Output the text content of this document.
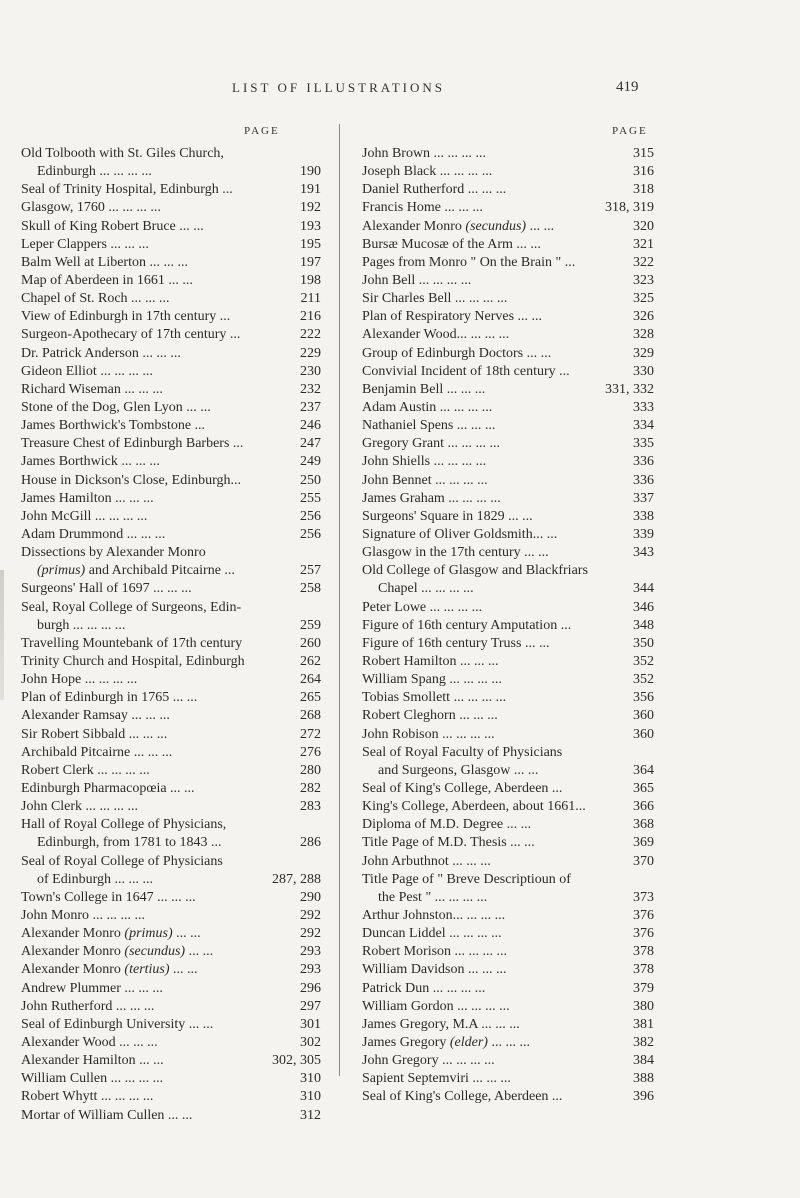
LIST OF ILLUSTRATIONS	419
PAGE	PAGE
Old Tolbooth with St. Giles Church,
Edinburgh ... ... ... ...	190
Seal of Trinity Hospital, Edinburgh ...	191
Glasgow, 1760 ... ... ... ...	192
Skull of King Robert Bruce ... ...	193
Leper Clappers ... ... ...	195
Balm Well at Liberton ... ... ...	197
Map of Aberdeen in 1661 ... ...	198
Chapel of St. Roch ... ... ...	211
View of Edinburgh in 17th century ...	216
Surgeon-Apothecary of 17th century ...	222
Dr. Patrick Anderson ... ... ...	229
Gideon Elliot ... ... ... ...	230
Richard Wiseman ... ... ...	232
Stone of the Dog, Glen Lyon ... ...	237
James Borthwick's Tombstone ...	246
Treasure Chest of Edinburgh Barbers ...	247
James Borthwick ... ... ...	249
House in Dickson's Close, Edinburgh...	250
James Hamilton ... ... ...	255
John McGill ... ... ... ...	256
Adam Drummond ... ... ...	256
Dissections by Alexander Monro
(primus) and Archibald Pitcairne ...	257
Surgeons' Hall of 1697 ... ... ...	258
Seal, Royal College of Surgeons, Edin-
burgh ... ... ... ...	259
Travelling Mountebank of 17th century	260
Trinity Church and Hospital, Edinburgh	262
John Hope ... ... ... ...	264
Plan of Edinburgh in 1765 ... ...	265
Alexander Ramsay ... ... ...	268
Sir Robert Sibbald ... ... ...	272
Archibald Pitcairne ... ... ...	276
Robert Clerk ... ... ... ...	280
Edinburgh Pharmacopœia ... ...	282
John Clerk ... ... ... ...	283
Hall of Royal College of Physicians,
Edinburgh, from 1781 to 1843 ...	286
Seal of Royal College of Physicians
of Edinburgh ... ... ...	287, 288
Town's College in 1647 ... ... ...	290
John Monro ... ... ... ...	292
Alexander Monro (primus) ... ...	292
Alexander Monro (secundus) ... ...	293
Alexander Monro (tertius) ... ...	293
Andrew Plummer ... ... ...	296
John Rutherford ... ... ...	297
Seal of Edinburgh University ... ...	301
Alexander Wood ... ... ...	302
Alexander Hamilton ... ...	302, 305
William Cullen ... ... ... ...	310
Robert Whytt ... ... ... ...	310
Mortar of William Cullen ... ...	312
John Brown ... ... ... ...	315
Joseph Black ... ... ... ...	316
Daniel Rutherford ... ... ...	318
Francis Home ... ... ...	318, 319
Alexander Monro (secundus) ... ...	320
Bursæ Mucosæ of the Arm ... ...	321
Pages from Monro " On the Brain " ...	322
John Bell ... ... ... ...	323
Sir Charles Bell ... ... ... ...	325
Plan of Respiratory Nerves ... ...	326
Alexander Wood... ... ... ...	328
Group of Edinburgh Doctors ... ...	329
Convivial Incident of 18th century ...	330
Benjamin Bell ... ... ...	331, 332
Adam Austin ... ... ... ...	333
Nathaniel Spens ... ... ...	334
Gregory Grant ... ... ... ...	335
John Shiells ... ... ... ...	336
John Bennet ... ... ... ...	336
James Graham ... ... ... ...	337
Surgeons' Square in 1829 ... ...	338
Signature of Oliver Goldsmith... ...	339
Glasgow in the 17th century ... ...	343
Old College of Glasgow and Blackfriars
Chapel ... ... ... ...	344
Peter Lowe ... ... ... ...	346
Figure of 16th century Amputation ...	348
Figure of 16th century Truss ... ...	350
Robert Hamilton ... ... ...	352
William Spang ... ... ... ...	352
Tobias Smollett ... ... ... ...	356
Robert Cleghorn ... ... ...	360
John Robison ... ... ... ...	360
Seal of Royal Faculty of Physicians
and Surgeons, Glasgow ... ...	364
Seal of King's College, Aberdeen ...	365
King's College, Aberdeen, about 1661...	366
Diploma of M.D. Degree ... ...	368
Title Page of M.D. Thesis ... ...	369
John Arbuthnot ... ... ...	370
Title Page of " Breve Descriptioun of
the Pest " ... ... ... ...	373
Arthur Johnston... ... ... ...	376
Duncan Liddel ... ... ... ...	376
Robert Morison ... ... ... ...	378
William Davidson ... ... ...	378
Patrick Dun ... ... ... ...	379
William Gordon ... ... ... ...	380
James Gregory, M.A ... ... ...	381
James Gregory (elder) ... ... ...	382
John Gregory ... ... ... ...	384
Sapient Septemviri ... ... ...	388
Seal of King's College, Aberdeen ...	396
